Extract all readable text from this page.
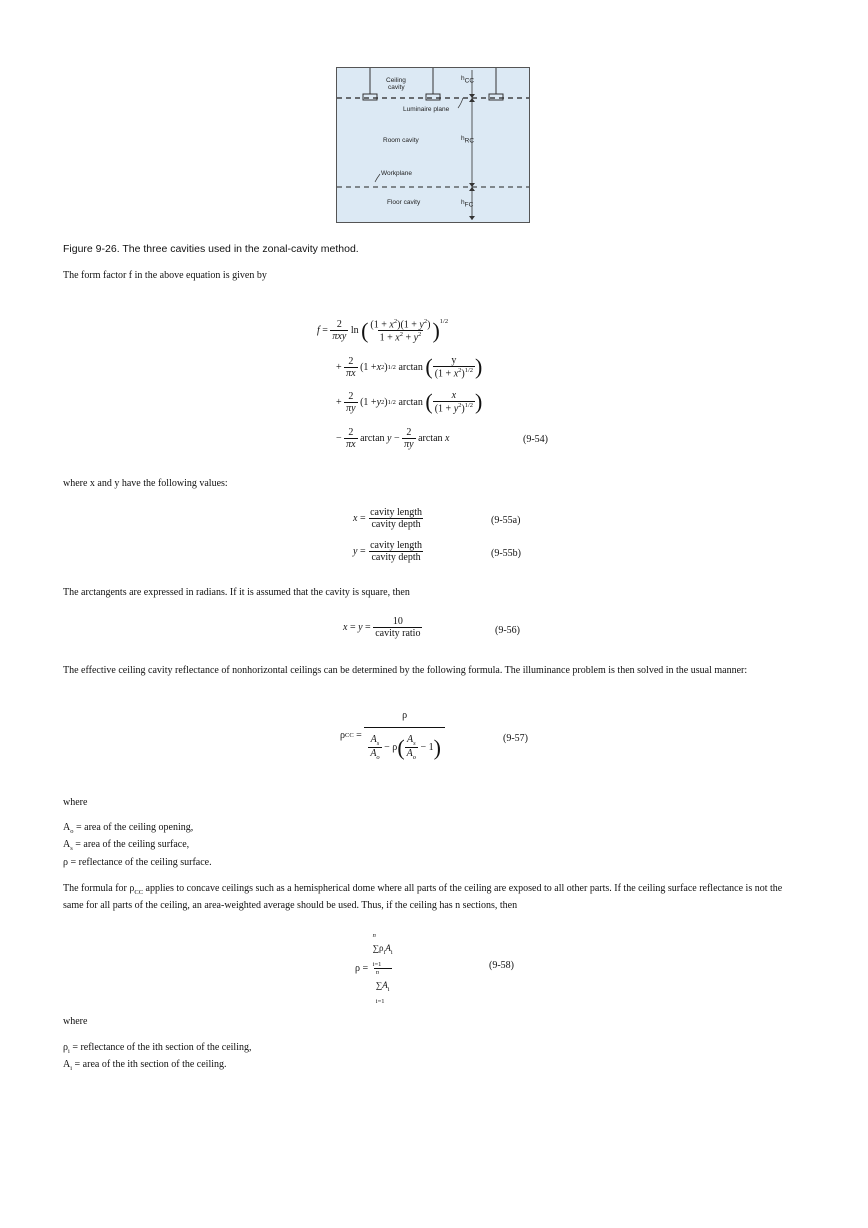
Ceiling
cavity
$h_{CC}$
Luminaire plane
Room cavity	$h_{RC}$
Workplane
Floor cavity	$h_{FC}$
Figure 9-26. The three cavities used in the zonal-cavity method.
The form factor f in the above equation is given by
$f = \frac{2}{\text{πxy}}$
ln
( $\frac{(1 + x^2)(1 + y^2)}{1 + x^2 + y^2} )^{1/2}$
+ $\frac{2}{\pi x} (1 + x$ 2 ) 1/2
arctan
( $\frac{y}{(1 + x^2)^{1/2}}$ )
+ $\frac{2}{\pi y} (1 + y$ 2 ) 1/2
arctan
( $\frac{x}{(1 + y^2)^{1/2}}$ )
− $\frac{2}{\pi x}$
arctan
$y - \frac{2}{\pi y}$
arctan
x	(9-54)
where x and y have the following values:
$x = \frac{\text{cavity length}}{\text{cavity depth}}$	(9-55a)
$y = \frac{\text{cavity length}}{\text{cavity depth}}$	(9-55b)
The arctangents are expressed in radians. If it is assumed that the cavity is square, then
$x = y = \frac{10}{\text{cavity ratio}}$	(9-56)
The effective ceiling cavity reflectance of nonhorizontal ceilings can be determined by the following formula. The illuminance problem is then solved in the usual manner:
ρ CC = $\frac{\rho}{\frac{A_s}{A_o} - \rho ( \frac{A_s}{A_o} - 1 )}$	(9-57)
where
$A_o$ = area of the ceiling opening,
$A_s$ = area of the ceiling surface,
ρ = reflectance of the ceiling surface.
The formula for $\rho_{CC}$ applies to concave ceilings such as a hemispherical dome where all parts of the ceiling are exposed to all other parts. If the ceiling surface reflectance is not the same for all parts of the ceiling, an area-weighted average should be used. Thus, if the ceiling has n sections, then
ρ =
$^n$
$\sum\rho_iA_i$
$_{i=1}$
$^n$
$\sum A_i$
$_{i=1}$
(9-58)
where
$\rho_i$ = reflectance of the ith section of the ceiling,
$A_i$ = area of the ith section of the ceiling.
